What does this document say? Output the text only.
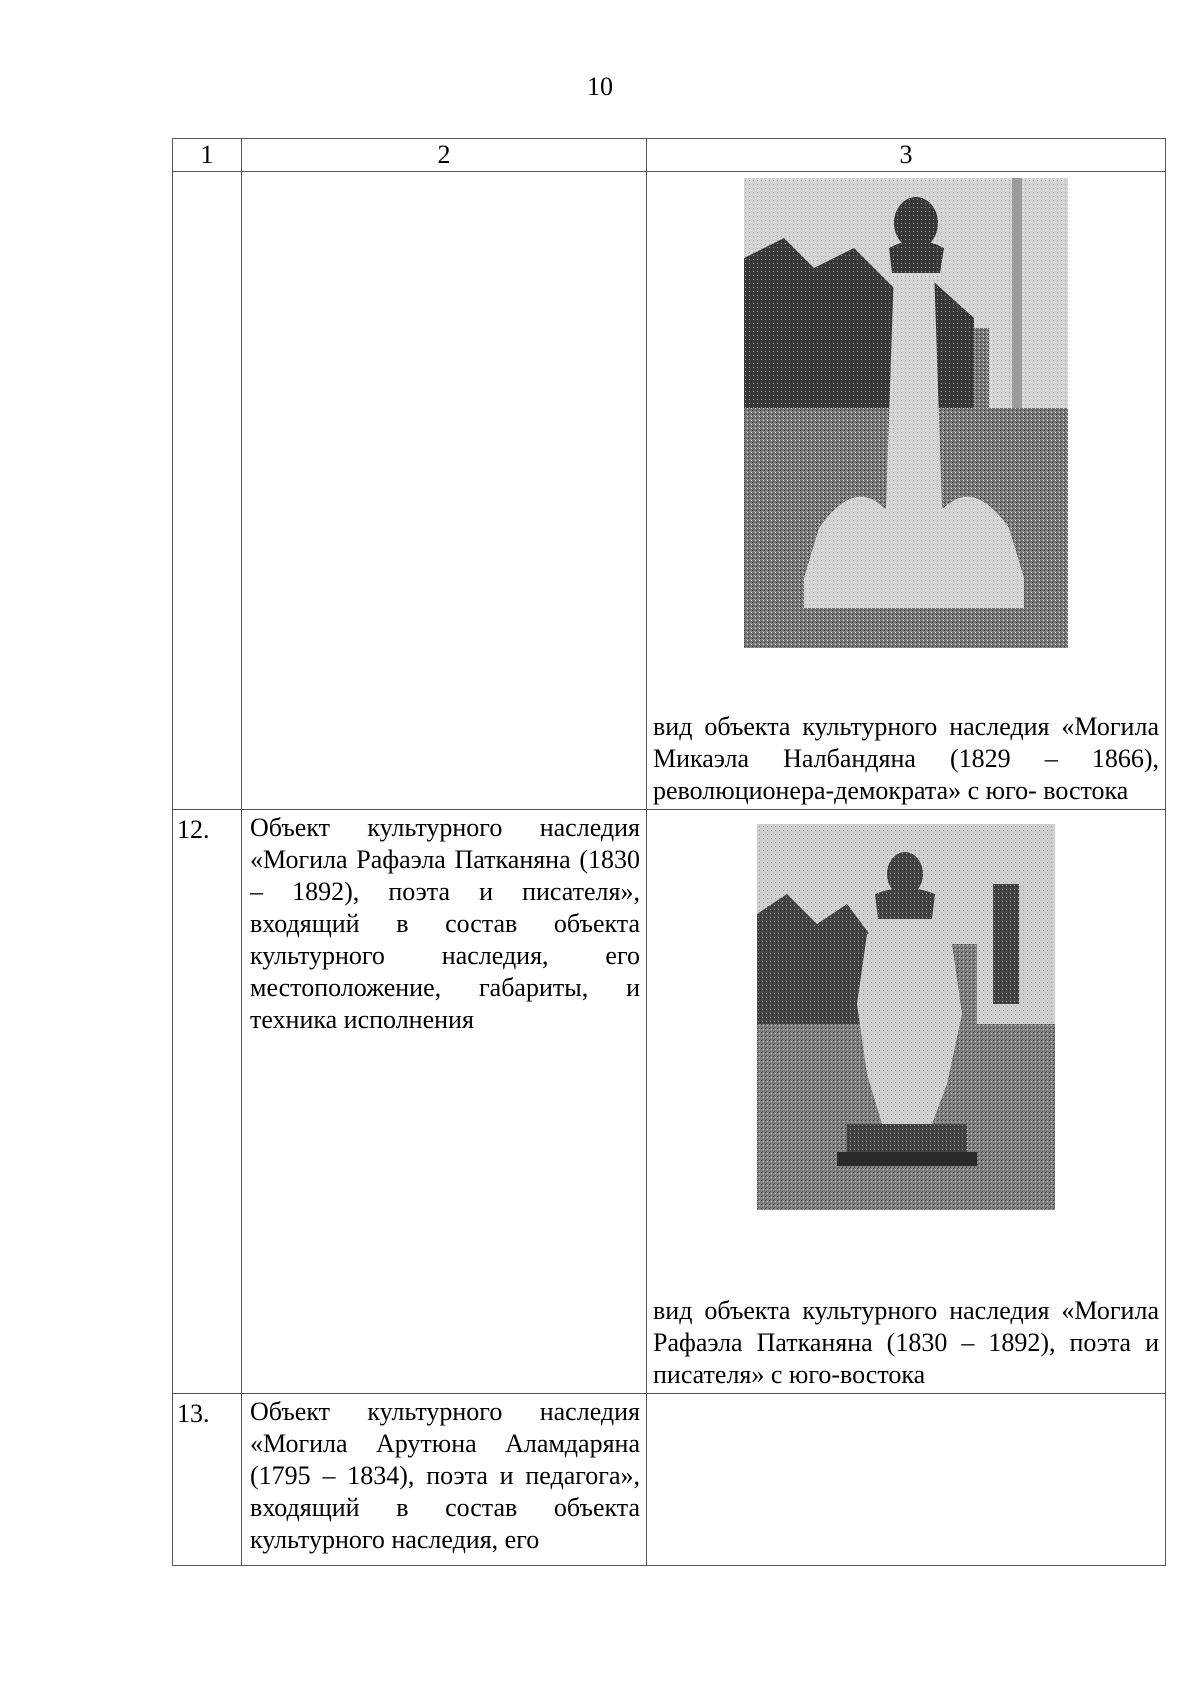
10
1	2	3

		вид объекта культурного наследия «Могила Микаэла Налбандяна (1829 – 1866), революционера-демократа» с юго- востока

12.	Объект культурного наследия «Могила Рафаэла Патканяна (1830 – 1892), поэта и писателя», входящий в состав объекта культурного наследия, его местоположение, габариты, и техника исполнения	вид объекта культурного наследия «Могила Рафаэла Патканяна (1830 – 1892), поэта и писателя» с юго-востока

13.	Объект культурного наследия «Могила Арутюна Аламдаряна (1795 – 1834), поэта и педагога», входящий в состав объекта культурного наследия, его	
